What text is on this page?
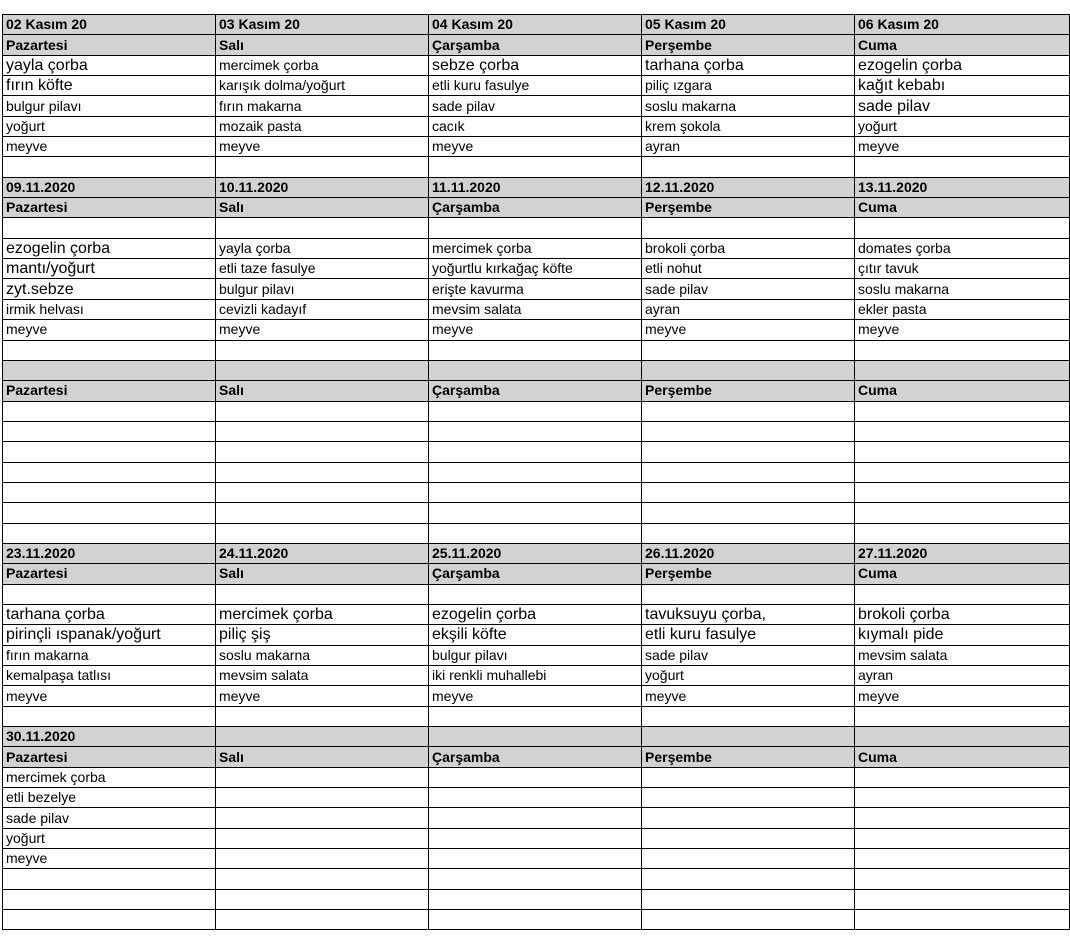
02 Kasım 20	03 Kasım 20	04 Kasım 20	05 Kasım 20	06 Kasım 20
Pazartesi	Salı	Çarşamba	Perşembe	Cuma
yayla çorba	mercimek çorba	sebze çorba	tarhana çorba	ezogelin çorba
fırın köfte	karışık dolma/yoğurt	etli kuru fasulye	piliç ızgara	kağıt kebabı
bulgur pilavı	fırın makarna	sade pilav	soslu makarna	sade pilav
yoğurt	mozaik pasta	cacık	krem şokola	yoğurt
meyve	meyve	meyve	ayran	meyve

09.11.2020	10.11.2020	11.11.2020	12.11.2020	13.11.2020
Pazartesi	Salı	Çarşamba	Perşembe	Cuma

ezogelin çorba	yayla çorba	mercimek çorba	brokoli çorba	domates çorba
mantı/yoğurt	etli taze fasulye	yoğurtlu kırkağaç köfte	etli nohut	çıtır tavuk
zyt.sebze	bulgur pilavı	erişte kavurma	sade pilav	soslu makarna
irmik helvası	cevizli kadayıf	mevsim salata	ayran	ekler pasta
meyve	meyve	meyve	meyve	meyve

Pazartesi	Salı	Çarşamba	Perşembe	Cuma

23.11.2020	24.11.2020	25.11.2020	26.11.2020	27.11.2020
Pazartesi	Salı	Çarşamba	Perşembe	Cuma

tarhana çorba	mercimek çorba	ezogelin çorba	tavuksuyu çorba,	brokoli çorba
pirinçli ıspanak/yoğurt	piliç şiş	ekşili köfte	etli kuru fasulye	kıymalı pide
fırın makarna	soslu makarna	bulgur pilavı	sade pilav	mevsim salata
kemalpaşa tatlısı	mevsim salata	iki renkli muhallebi	yoğurt	ayran
meyve	meyve	meyve	meyve	meyve

30.11.2020				
Pazartesi	Salı	Çarşamba	Perşembe	Cuma
mercimek çorba				
etli bezelye				
sade pilav				
yoğurt				
meyve				
